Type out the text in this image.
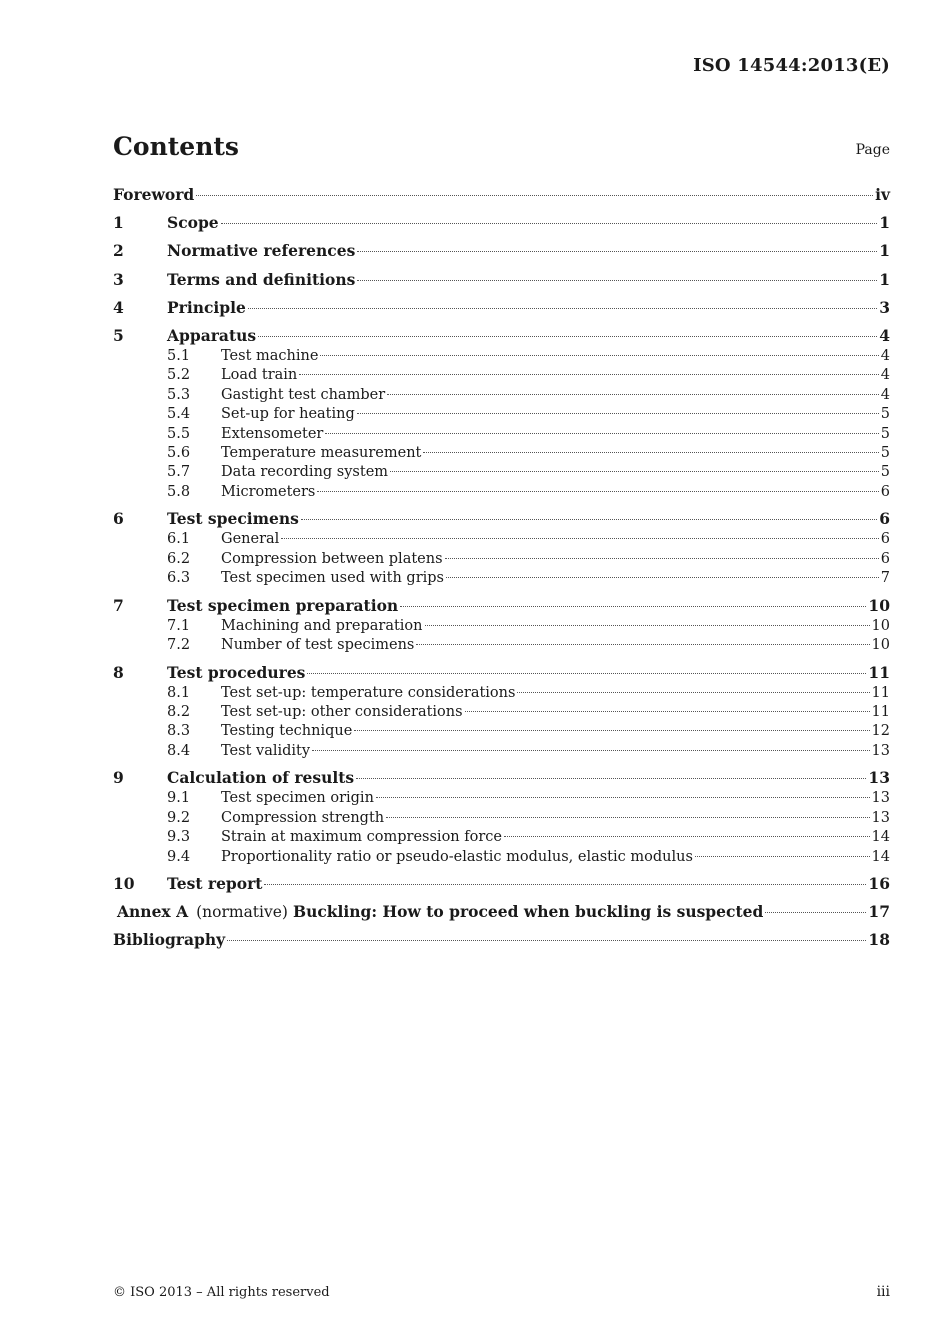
ISO 14544:2013(E)
Contents	Page
Foreword	iv
1	Scope	1
2	Normative references	1
3	Terms and definitions	1
4	Principle	3
5	Apparatus	4
5.1	Test machine	4
5.2	Load train	4
5.3	Gastight test chamber	4
5.4	Set-up for heating	5
5.5	Extensometer	5
5.6	Temperature measurement	5
5.7	Data recording system	5
5.8	Micrometers	6
6	Test specimens	6
6.1	General	6
6.2	Compression between platens	6
6.3	Test specimen used with grips	7
7	Test specimen preparation	10
7.1	Machining and preparation	10
7.2	Number of test specimens	10
8	Test procedures	11
8.1	Test set-up: temperature considerations	11
8.2	Test set-up: other considerations	11
8.3	Testing technique	12
8.4	Test validity	13
9	Calculation of results	13
9.1	Test specimen origin	13
9.2	Compression strength	13
9.3	Strain at maximum compression force	14
9.4	Proportionality ratio or pseudo-elastic modulus, elastic modulus	14
10	Test report	16
Annex A (normative) Buckling: How to proceed when buckling is suspected	17
Bibliography	18
© ISO 2013 – All rights reserved	iii
